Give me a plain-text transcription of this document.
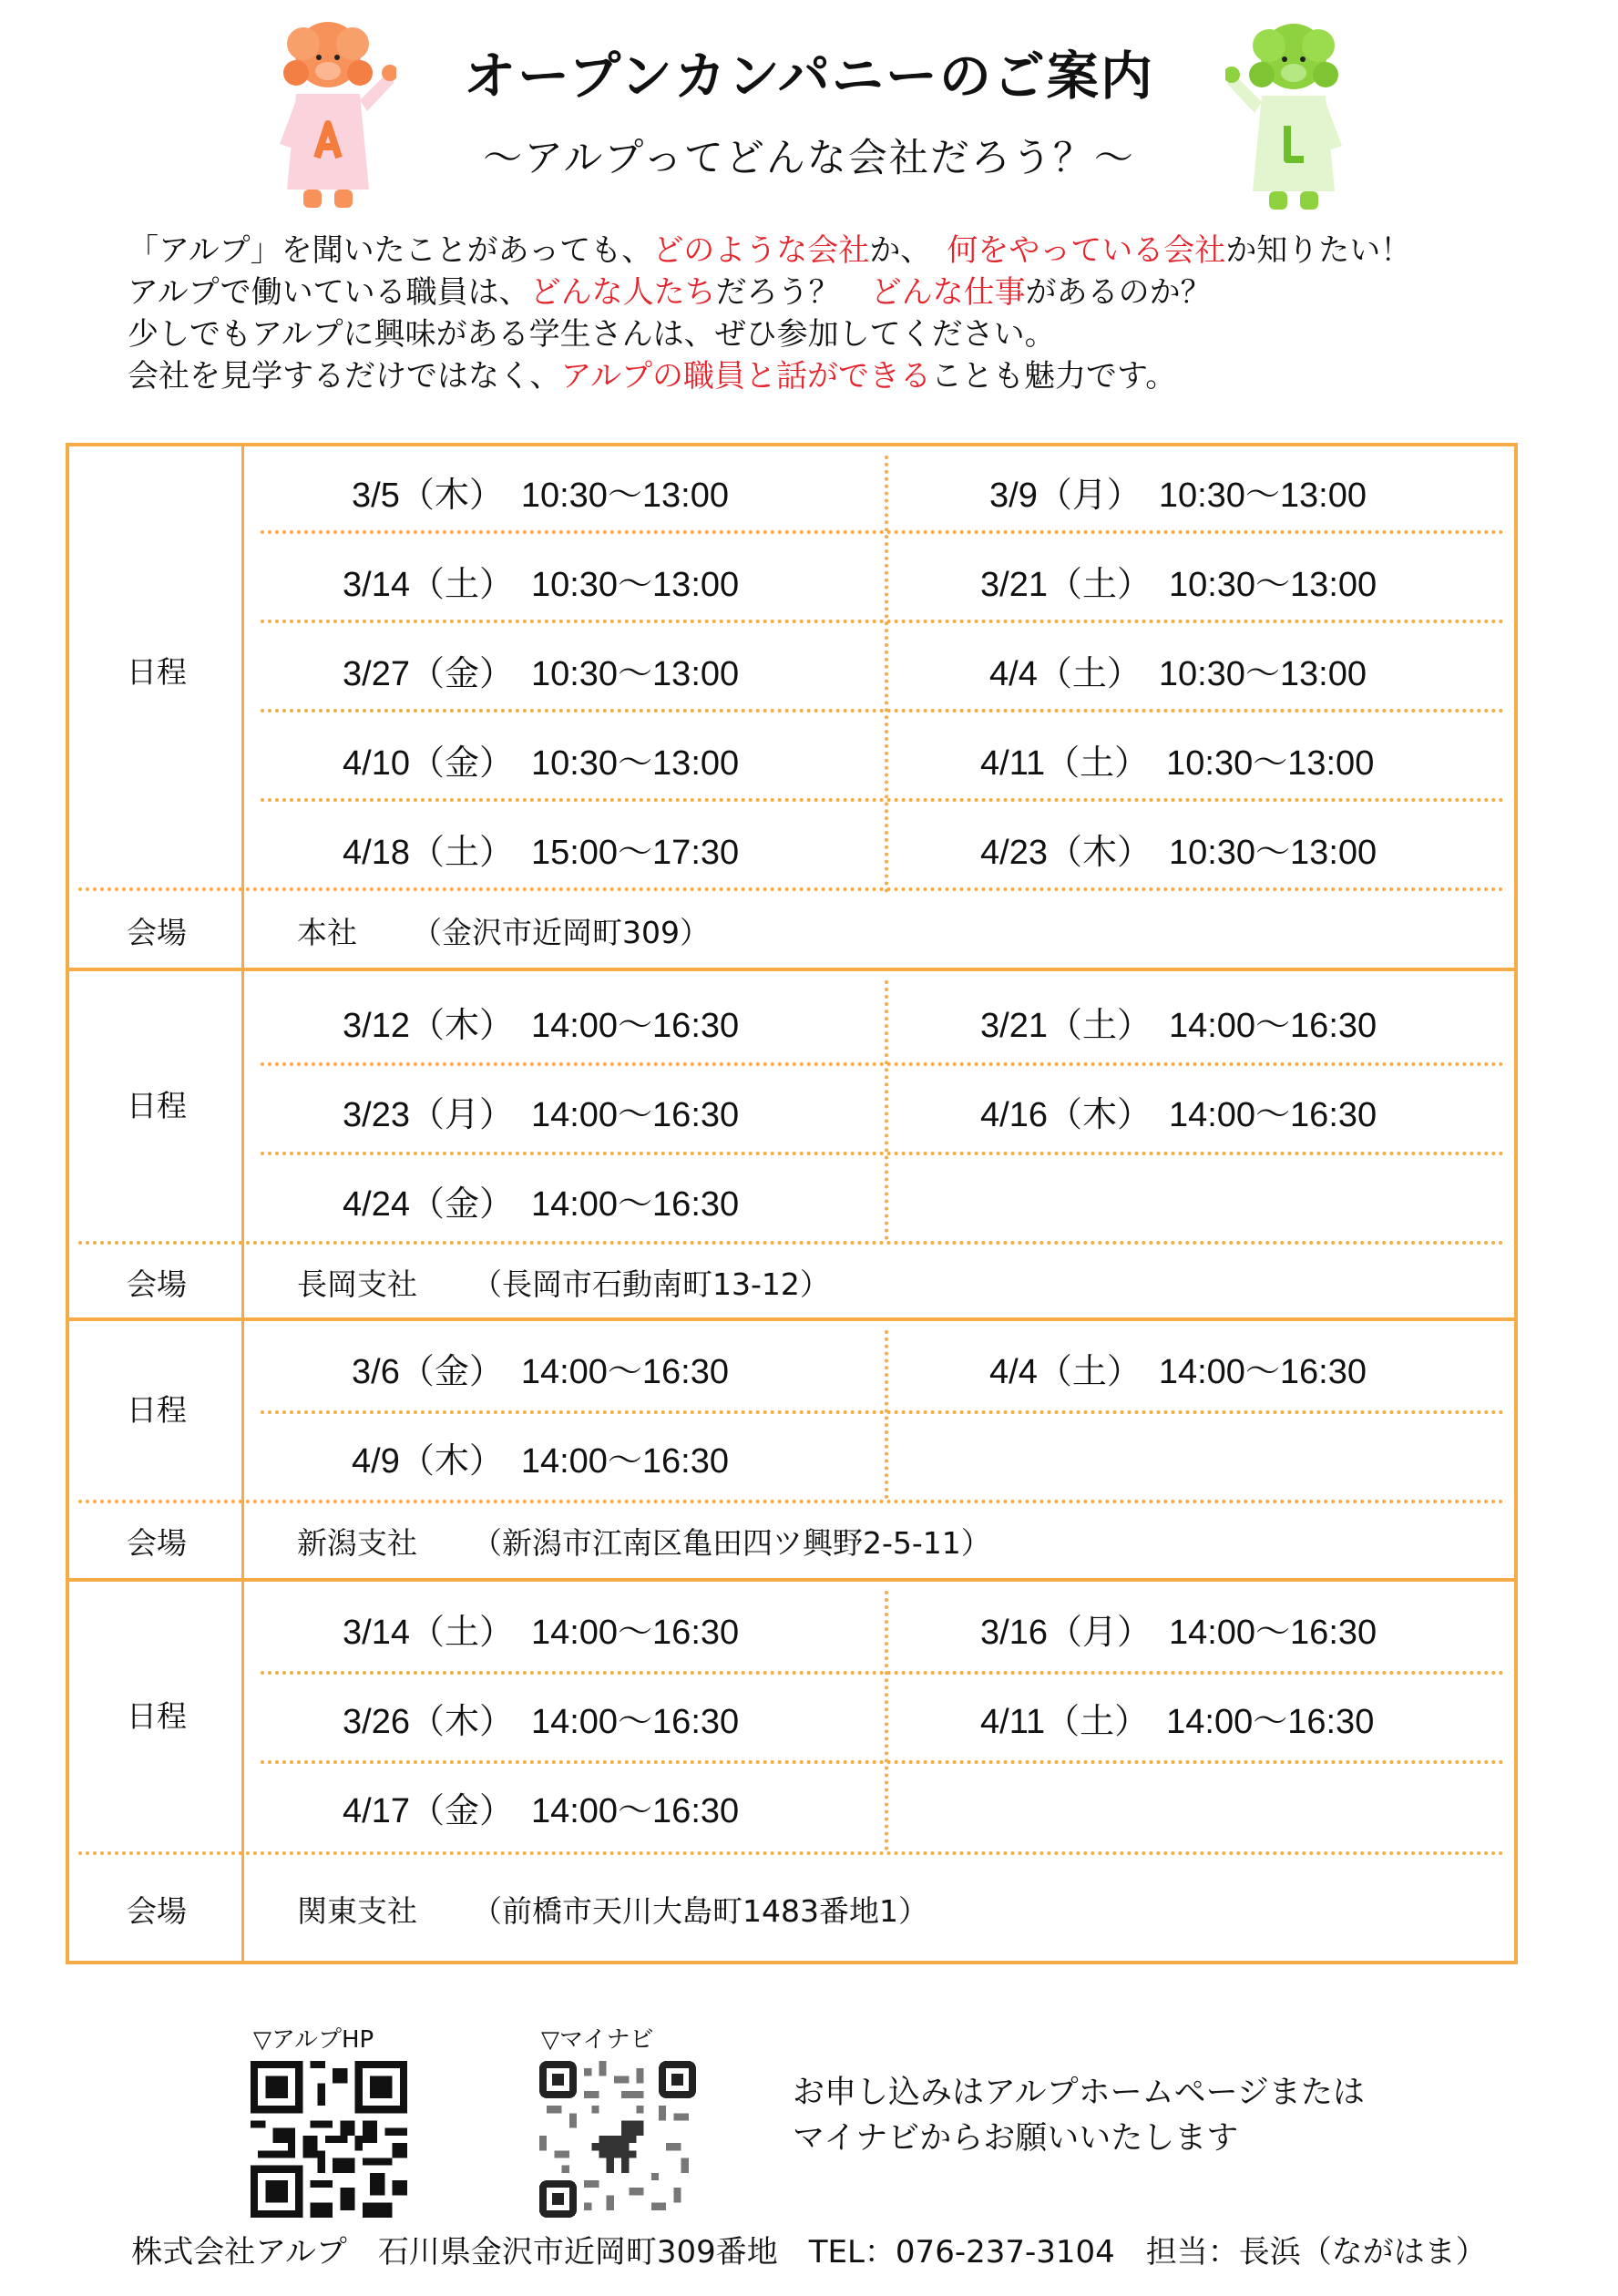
オープンカンパニーのご案内
〜アルプってどんな会社だろう？〜
「アルプ」を聞いたことがあっても、どのような会社か、　何をやっている会社か知りたい！
アルプで働いている職員は、どんな人たちだろう？　どんな仕事があるのか？
少しでもアルプに興味がある学生さんは、ぜひ参加してください。
会社を見学するだけではなく、アルプの職員と話ができることも魅力です。
日程
3/5（木）　10:30〜13:00	3/9（月）　10:30〜13:00
3/14（土）　10:30〜13:00	3/21（土）　10:30〜13:00
3/27（金）　10:30〜13:00	4/4（土）　10:30〜13:00
4/10（金）　10:30〜13:00	4/11（土）　10:30〜13:00
4/18（土）　15:00〜17:30	4/23（木）　10:30〜13:00
会場	本社 （金沢市近岡町309）
日程
3/12（木）　14:00〜16:30	3/21（土）　14:00〜16:30
3/23（月）　14:00〜16:30	4/16（木）　14:00〜16:30
4/24（金）　14:00〜16:30
会場	長岡支社 （長岡市石動南町13-12）
日程
3/6（金）　14:00〜16:30	4/4（土）　14:00〜16:30
4/9（木）　14:00〜16:30
会場	新潟支社 （新潟市江南区亀田四ツ興野2-5-11）
日程
3/14（土）　14:00〜16:30	3/16（月）　14:00〜16:30
3/26（木）　14:00〜16:30	4/11（土）　14:00〜16:30
4/17（金）　14:00〜16:30
会場	関東支社 （前橋市天川大島町1483番地1）
▽アルプHP	▽マイナビ
お申し込みはアルプホームページまたは
マイナビからお願いいたします
株式会社アルプ　石川県金沢市近岡町309番地　TEL：076-237-3104　担当：長浜（ながはま）
